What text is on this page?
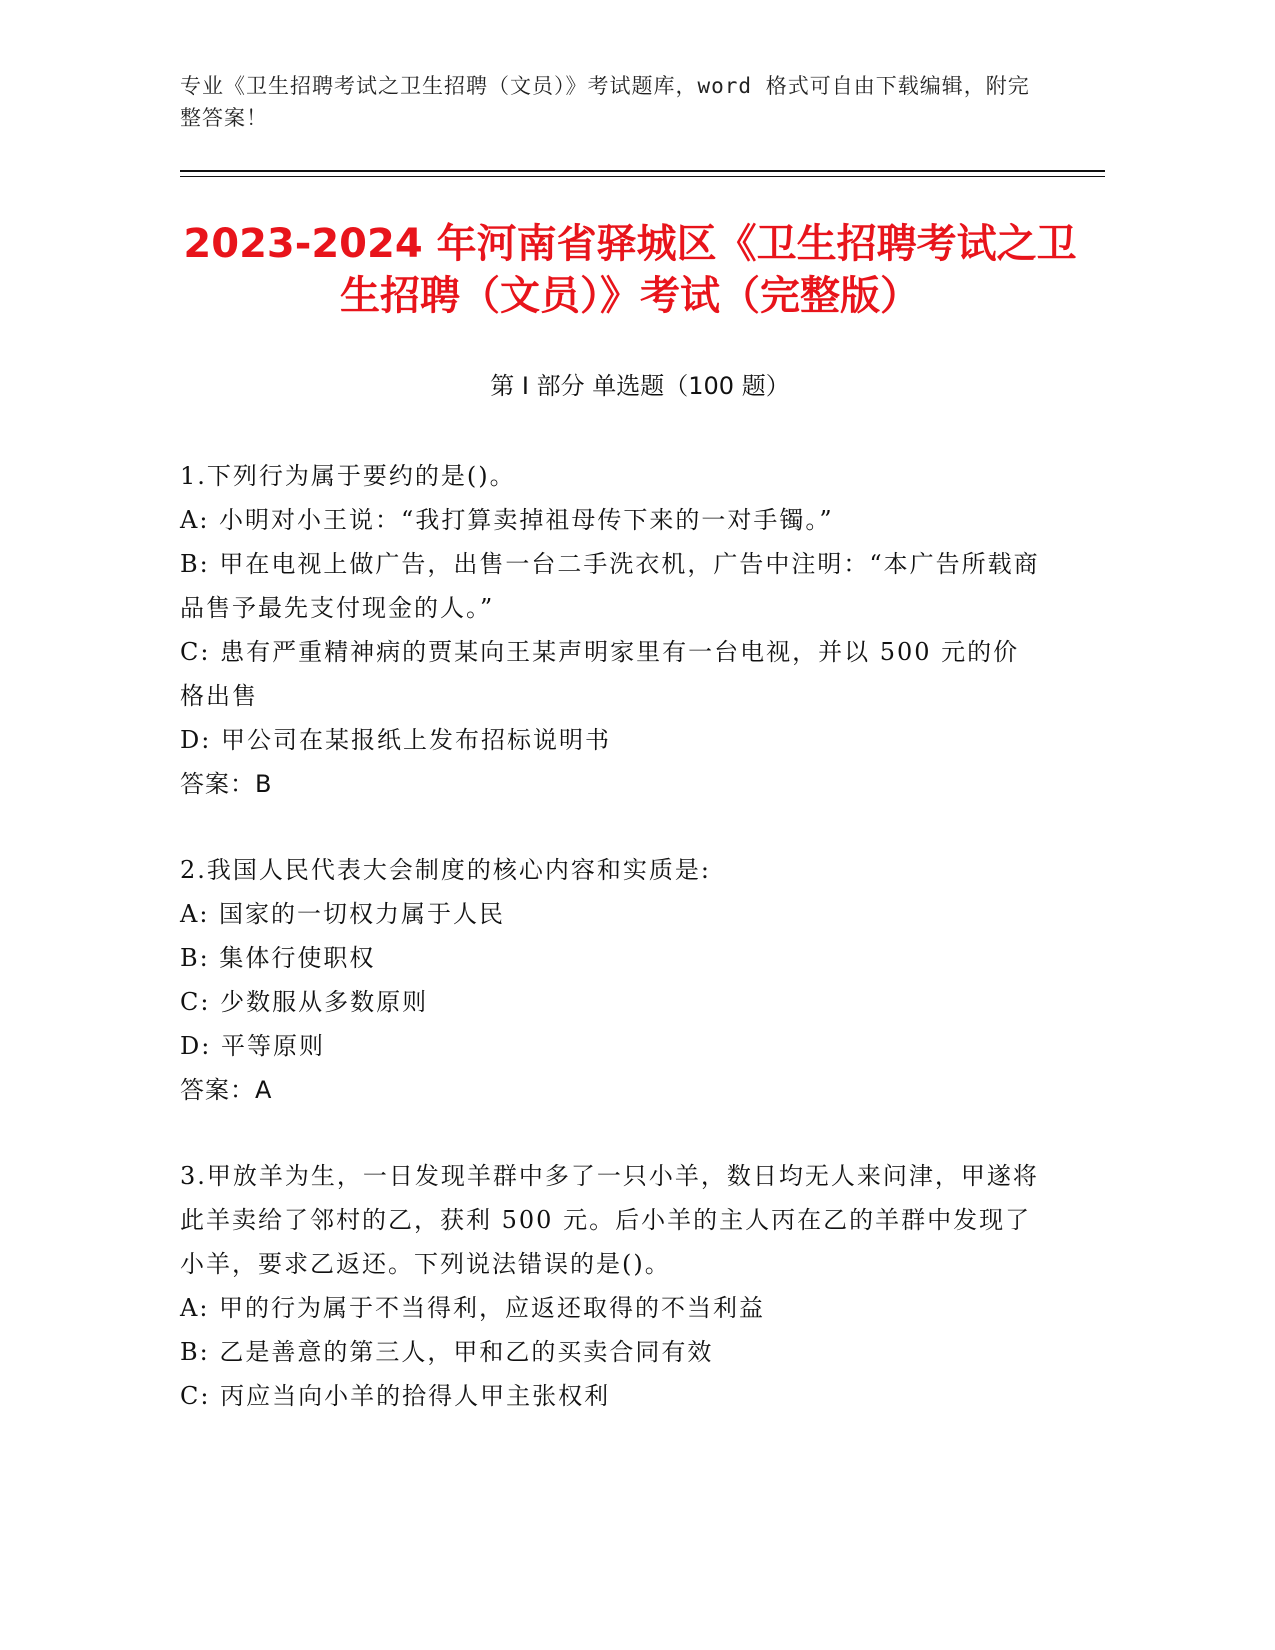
专业《卫生招聘考试之卫生招聘（文员）》考试题库，word 格式可自由下载编辑，附完整答案！
2023-2024 年河南省驿城区《卫生招聘考试之卫生招聘（文员）》考试（完整版）
第 I 部分 单选题（100 题）
1.下列行为属于要约的是()。
A: 小明对小王说：“我打算卖掉祖母传下来的一对手镯。”
B: 甲在电视上做广告，出售一台二手洗衣机，广告中注明：“本广告所载商品售予最先支付现金的人。”
C: 患有严重精神病的贾某向王某声明家里有一台电视，并以 500 元的价格出售
D: 甲公司在某报纸上发布招标说明书
答案：B
2.我国人民代表大会制度的核心内容和实质是:
A: 国家的一切权力属于人民
B: 集体行使职权
C: 少数服从多数原则
D: 平等原则
答案：A
3.甲放羊为生，一日发现羊群中多了一只小羊，数日均无人来问津，甲遂将此羊卖给了邻村的乙，获利 500 元。后小羊的主人丙在乙的羊群中发现了小羊，要求乙返还。下列说法错误的是()。
A: 甲的行为属于不当得利，应返还取得的不当利益
B: 乙是善意的第三人，甲和乙的买卖合同有效
C: 丙应当向小羊的拾得人甲主张权利
